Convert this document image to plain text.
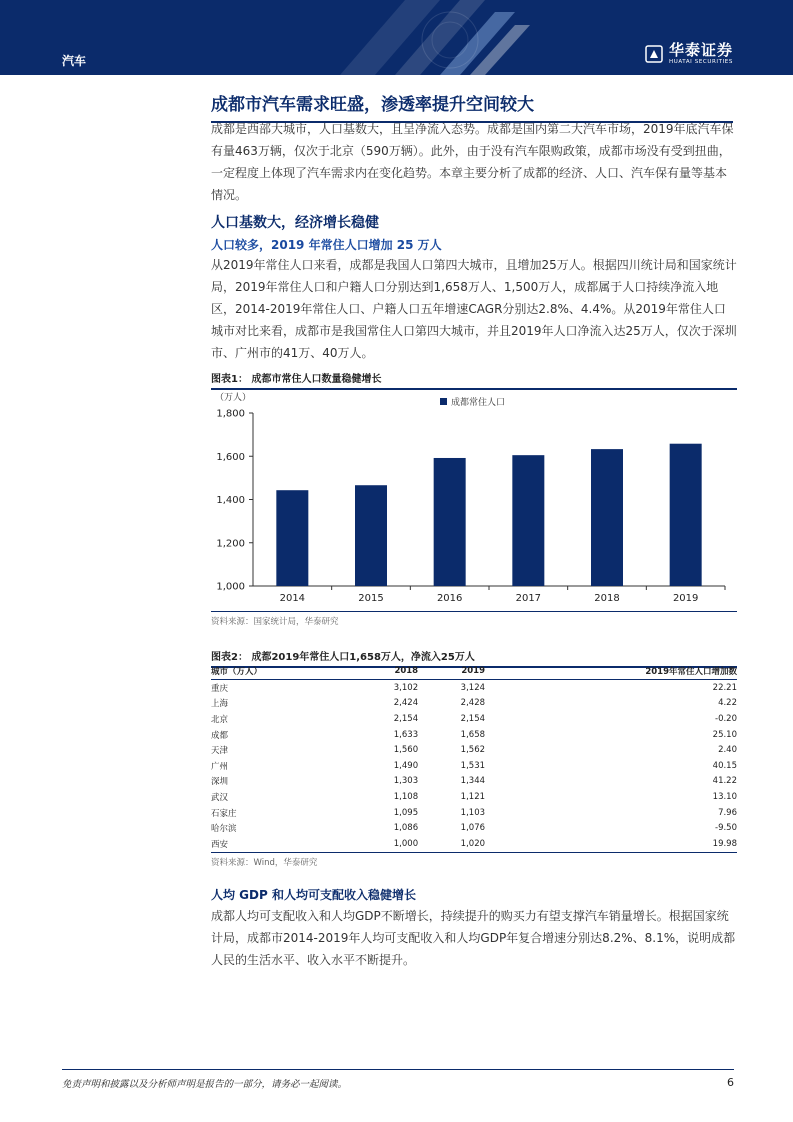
汽车
华泰证券
HUATAI SECURITIES
成都市汽车需求旺盛，渗透率提升空间较大
成都是西部大城市，人口基数大，且呈净流入态势。成都是国内第二大汽车市场，2019年底汽车保有量463万辆，仅次于北京（590万辆）。此外，由于没有汽车限购政策，成都市场没有受到扭曲，一定程度上体现了汽车需求内在变化趋势。本章主要分析了成都的经济、人口、汽车保有量等基本情况。
人口基数大，经济增长稳健
人口较多，2019 年常住人口增加 25 万人
从2019年常住人口来看，成都是我国人口第四大城市，且增加25万人。根据四川统计局和国家统计局，2019年常住人口和户籍人口分别达到1,658万人、1,500万人，成都属于人口持续净流入地区，2014-2019年常住人口、户籍人口五年增速CAGR分别达2.8%、4.4%。从2019年常住人口城市对比来看，成都市是我国常住人口第四大城市，并且2019年人口净流入达25万人，仅次于深圳市、广州市的41万、40万人。
图表1： 成都市常住人口数量稳健增长
（万人）	成都常住人口
1,000
1,200
1,400
1,600
1,800
2014	2015	2016	2017	2018	2019
资料来源：国家统计局，华泰研究
图表2： 成都2019年常住人口1,658万人，净流入25万人
城市（万人）	2018	2019	2019年常住人口增加数
重庆	3,102	3,124	22.21
上海	2,424	2,428	4.22
北京	2,154	2,154	-0.20
成都	1,633	1,658	25.10
天津	1,560	1,562	2.40
广州	1,490	1,531	40.15
深圳	1,303	1,344	41.22
武汉	1,108	1,121	13.10
石家庄	1,095	1,103	7.96
哈尔滨	1,086	1,076	-9.50
西安	1,000	1,020	19.98
资料来源：Wind，华泰研究
人均 GDP 和人均可支配收入稳健增长
成都人均可支配收入和人均GDP不断增长，持续提升的购买力有望支撑汽车销量增长。根据国家统计局，成都市2014-2019年人均可支配收入和人均GDP年复合增速分别达8.2%、8.1%，说明成都人民的生活水平、收入水平不断提升。
免责声明和披露以及分析师声明是报告的一部分，请务必一起阅读。	6
